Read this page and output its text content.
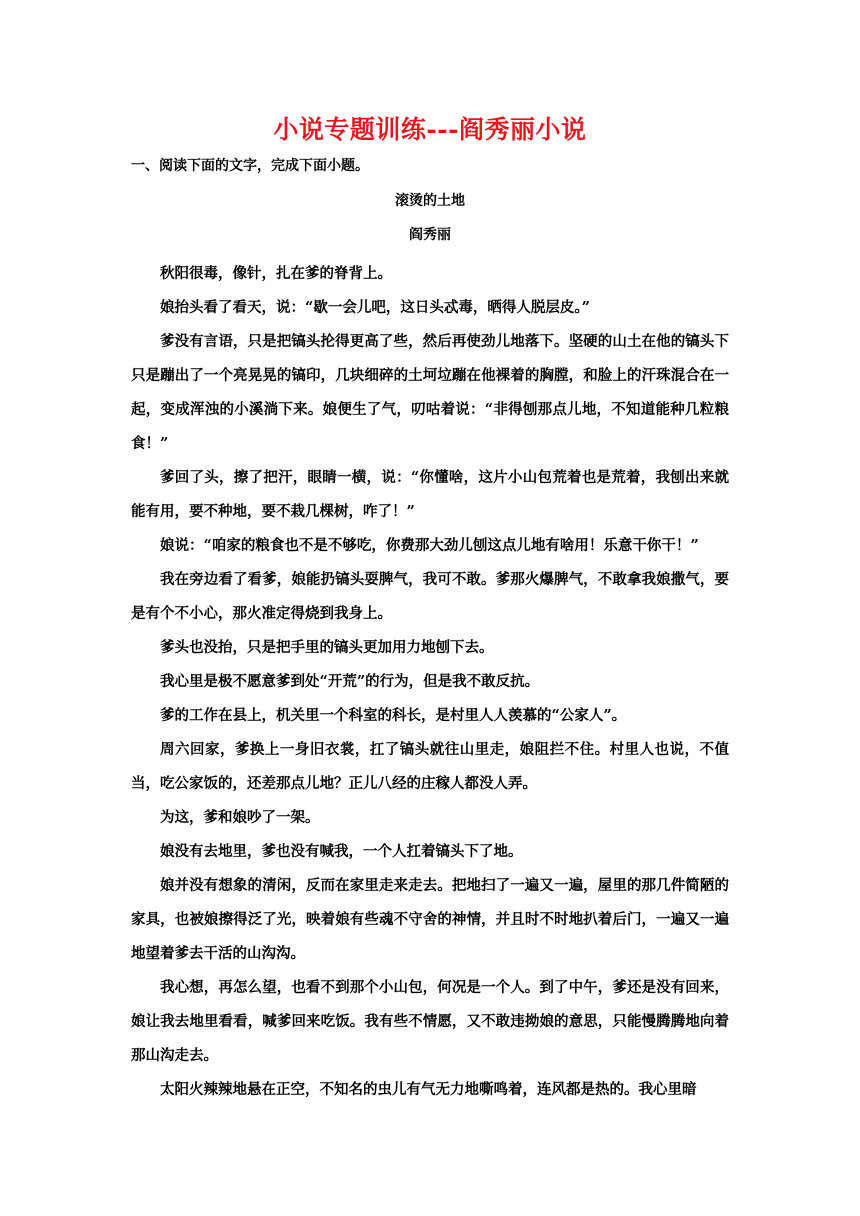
小说专题训练---阎秀丽小说
一、阅读下面的文字，完成下面小题。
滚烫的土地
阎秀丽

秋阳很毒，像针，扎在爹的脊背上。

娘抬头看了看天，说：“歇一会儿吧，这日头忒毒，晒得人脱层皮。”

爹没有言语，只是把镐头抡得更高了些，然后再使劲儿地落下。坚硬的山土在他的镐头下只是蹦出了一个亮晃晃的镐印，几块细碎的土坷垃蹦在他裸着的胸膛，和脸上的汗珠混合在一起，变成浑浊的小溪淌下来。娘便生了气，叨咕着说：“非得刨那点儿地，不知道能种几粒粮食！”

爹回了头，擦了把汗，眼睛一横，说：“你懂啥，这片小山包荒着也是荒着，我刨出来就能有用，要不种地，要不栽几棵树，咋了！”

娘说：“咱家的粮食也不是不够吃，你费那大劲儿刨这点儿地有啥用！乐意干你干！”

我在旁边看了看爹，娘能扔镐头耍脾气，我可不敢。爹那火爆脾气，不敢拿我娘撒气，要是有个不小心，那火准定得烧到我身上。

爹头也没抬，只是把手里的镐头更加用力地刨下去。

我心里是极不愿意爹到处“开荒”的行为，但是我不敢反抗。

爹的工作在县上，机关里一个科室的科长，是村里人人羡慕的“公家人”。

周六回家，爹换上一身旧衣裳，扛了镐头就往山里走，娘阻拦不住。村里人也说，不值当，吃公家饭的，还差那点儿地？正儿八经的庄稼人都没人弄。

为这，爹和娘吵了一架。

娘没有去地里，爹也没有喊我，一个人扛着镐头下了地。

娘并没有想象的清闲，反而在家里走来走去。把地扫了一遍又一遍，屋里的那几件简陋的家具，也被娘擦得泛了光，映着娘有些魂不守舍的神情，并且时不时地扒着后门，一遍又一遍地望着爹去干活的山沟沟。

我心想，再怎么望，也看不到那个小山包，何况是一个人。到了中午，爹还是没有回来，娘让我去地里看看，喊爹回来吃饭。我有些不情愿，又不敢违拗娘的意思，只能慢腾腾地向着那山沟走去。

太阳火辣辣地悬在正空，不知名的虫儿有气无力地嘶鸣着，连风都是热的。我心里暗
